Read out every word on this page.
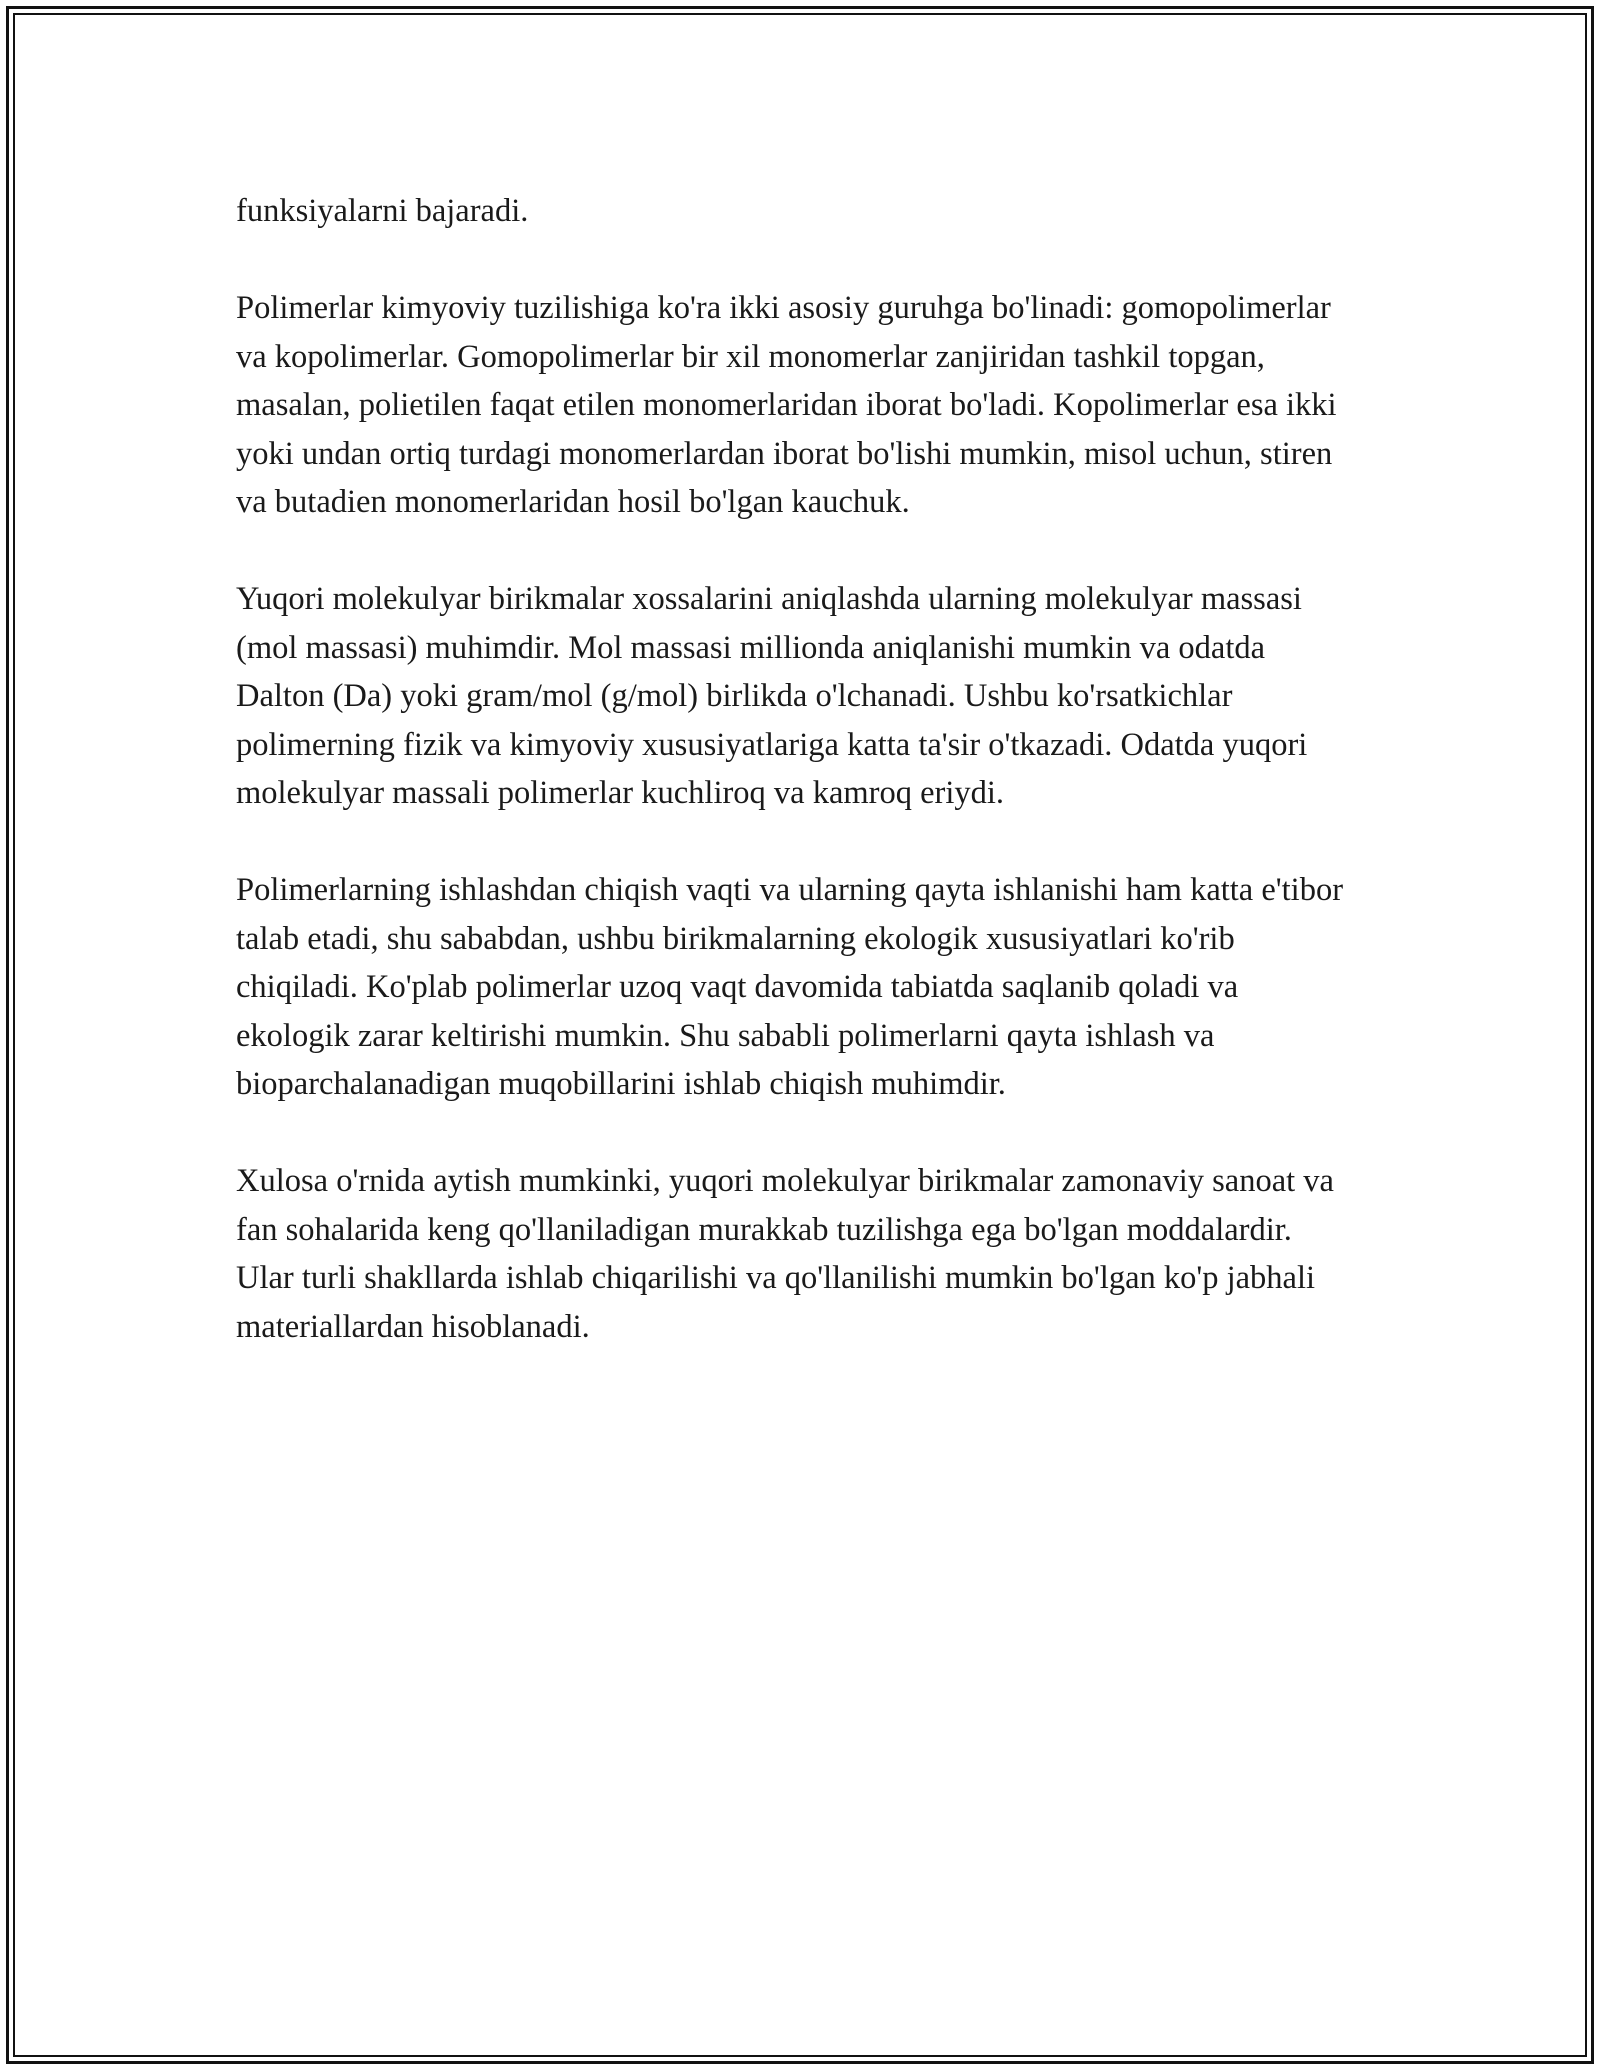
funksiyalarni bajaradi.

Polimerlar kimyoviy tuzilishiga ko'ra ikki asosiy guruhga bo'linadi: gomopolimerlar va kopolimerlar. Gomopolimerlar bir xil monomerlar zanjiridan tashkil topgan, masalan, polietilen faqat etilen monomerlaridan iborat bo'ladi. Kopolimerlar esa ikki yoki undan ortiq turdagi monomerlardan iborat bo'lishi mumkin, misol uchun, stiren va butadien monomerlaridan hosil bo'lgan kauchuk.

Yuqori molekulyar birikmalar xossalarini aniqlashda ularning molekulyar massasi (mol massasi) muhimdir. Mol massasi millionda aniqlanishi mumkin va odatda Dalton (Da) yoki gram/mol (g/mol) birlikda o'lchanadi. Ushbu ko'rsatkichlar polimerning fizik va kimyoviy xususiyatlariga katta ta'sir o'tkazadi. Odatda yuqori molekulyar massali polimerlar kuchliroq va kamroq eriydi.

Polimerlarning ishlashdan chiqish vaqti va ularning qayta ishlanishi ham katta e'tibor talab etadi, shu sababdan, ushbu birikmalarning ekologik xususiyatlari ko'rib chiqiladi. Ko'plab polimerlar uzoq vaqt davomida tabiatda saqlanib qoladi va ekologik zarar keltirishi mumkin. Shu sababli polimerlarni qayta ishlash va bioparchalanadigan muqobillarini ishlab chiqish muhimdir.

Xulosa o'rnida aytish mumkinki, yuqori molekulyar birikmalar zamonaviy sanoat va fan sohalarida keng qo'llaniladigan murakkab tuzilishga ega bo'lgan moddalardir. Ular turli shakllarda ishlab chiqarilishi va qo'llanilishi mumkin bo'lgan ko'p jabhali materiallardan hisoblanadi.
